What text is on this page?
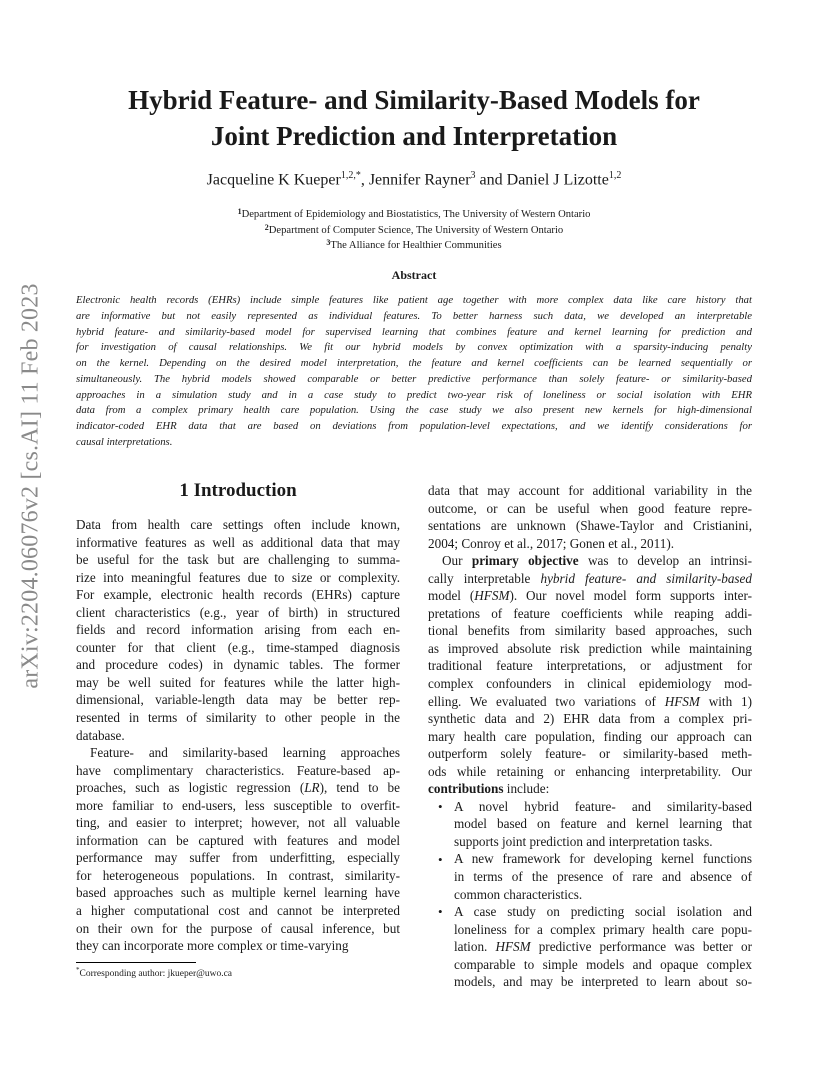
arXiv:2204.06076v2 [cs.AI] 11 Feb 2023
Hybrid Feature- and Similarity-Based Models for
Joint Prediction and Interpretation
Jacqueline K Kueper$^{1,2,*}$, Jennifer Rayner$^3$ and Daniel J Lizotte$^{1,2}$
$^1$Department of Epidemiology and Biostatistics, The University of Western Ontario
$^2$Department of Computer Science, The University of Western Ontario
$^3$The Alliance for Healthier Communities
Abstract
Electronic health records (EHRs) include simple features like patient age together with more complex data like care history that
are informative but not easily represented as individual features. To better harness such data, we developed an interpretable
hybrid feature- and similarity-based model for supervised learning that combines feature and kernel learning for prediction and
for investigation of causal relationships. We fit our hybrid models by convex optimization with a sparsity-inducing penalty
on the kernel. Depending on the desired model interpretation, the feature and kernel coefficients can be learned sequentially or
simultaneously. The hybrid models showed comparable or better predictive performance than solely feature- or similarity-based
approaches in a simulation study and in a case study to predict two-year risk of loneliness or social isolation with EHR
data from a complex primary health care population. Using the case study we also present new kernels for high-dimensional
indicator-coded EHR data that are based on deviations from population-level expectations, and we identify considerations for
causal interpretations.
1 Introduction
Data from health care settings often include known,
informative features as well as additional data that may
be useful for the task but are challenging to summa-
rize into meaningful features due to size or complexity.
For example, electronic health records (EHRs) capture
client characteristics (e.g., year of birth) in structured
fields and record information arising from each en-
counter for that client (e.g., time-stamped diagnosis
and procedure codes) in dynamic tables. The former
may be well suited for features while the latter high-
dimensional, variable-length data may be better rep-
resented in terms of similarity to other people in the
database.
Feature- and similarity-based learning approaches
have complimentary characteristics. Feature-based ap-
proaches, such as logistic regression (LR), tend to be
more familiar to end-users, less susceptible to overfit-
ting, and easier to interpret; however, not all valuable
information can be captured with features and model
performance may suffer from underfitting, especially
for heterogeneous populations. In contrast, similarity-
based approaches such as multiple kernel learning have
a higher computational cost and cannot be interpreted
on their own for the purpose of causal inference, but
they can incorporate more complex or time-varying
data that may account for additional variability in the
outcome, or can be useful when good feature repre-
sentations are unknown (Shawe-Taylor and Cristianini,
2004; Conroy et al., 2017; Gonen et al., 2011).
Our primary objective was to develop an intrinsi-
cally interpretable hybrid feature- and similarity-based
model (HFSM). Our novel model form supports inter-
pretations of feature coefficients while reaping addi-
tional benefits from similarity based approaches, such
as improved absolute risk prediction while maintaining
traditional feature interpretations, or adjustment for
complex confounders in clinical epidemiology mod-
elling. We evaluated two variations of HFSM with 1)
synthetic data and 2) EHR data from a complex pri-
mary health care population, finding our approach can
outperform solely feature- or similarity-based meth-
ods while retaining or enhancing interpretability. Our
contributions include:
A novel hybrid feature- and similarity-based
model based on feature and kernel learning that
supports joint prediction and interpretation tasks.
A new framework for developing kernel functions
in terms of the presence of rare and absence of
common characteristics.
A case study on predicting social isolation and
loneliness for a complex primary health care popu-
lation. HFSM predictive performance was better or
comparable to simple models and opaque complex
models, and may be interpreted to learn about so-
•
•
•
*Corresponding author: jkueper@uwo.ca
